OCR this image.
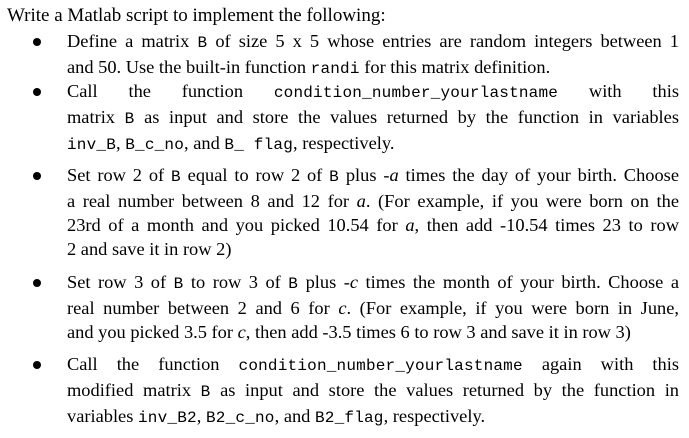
Write a Matlab script to implement the following:
Define a matrix B of size 5 x 5 whose entries are random integers between 1
and 50. Use the built-in function randi for this matrix definition.
Call the function condition_number_yourlastname with this
matrix B as input and store the values returned by the function in variables
inv_B, B_c_no, and B_ flag, respectively.
Set row 2 of B equal to row 2 of B plus -a times the day of your birth. Choose
a real number between 8 and 12 for a. (For example, if you were born on the
23rd of a month and you picked 10.54 for a, then add -10.54 times 23 to row
2 and save it in row 2)
Set row 3 of B to row 3 of B plus -c times the month of your birth. Choose a
real number between 2 and 6 for c. (For example, if you were born in June,
and you picked 3.5 for c, then add -3.5 times 6 to row 3 and save it in row 3)
Call the function condition_number_yourlastname again with this
modified matrix B as input and store the values returned by the function in
variables inv_B2, B2_c_no, and B2_flag, respectively.
